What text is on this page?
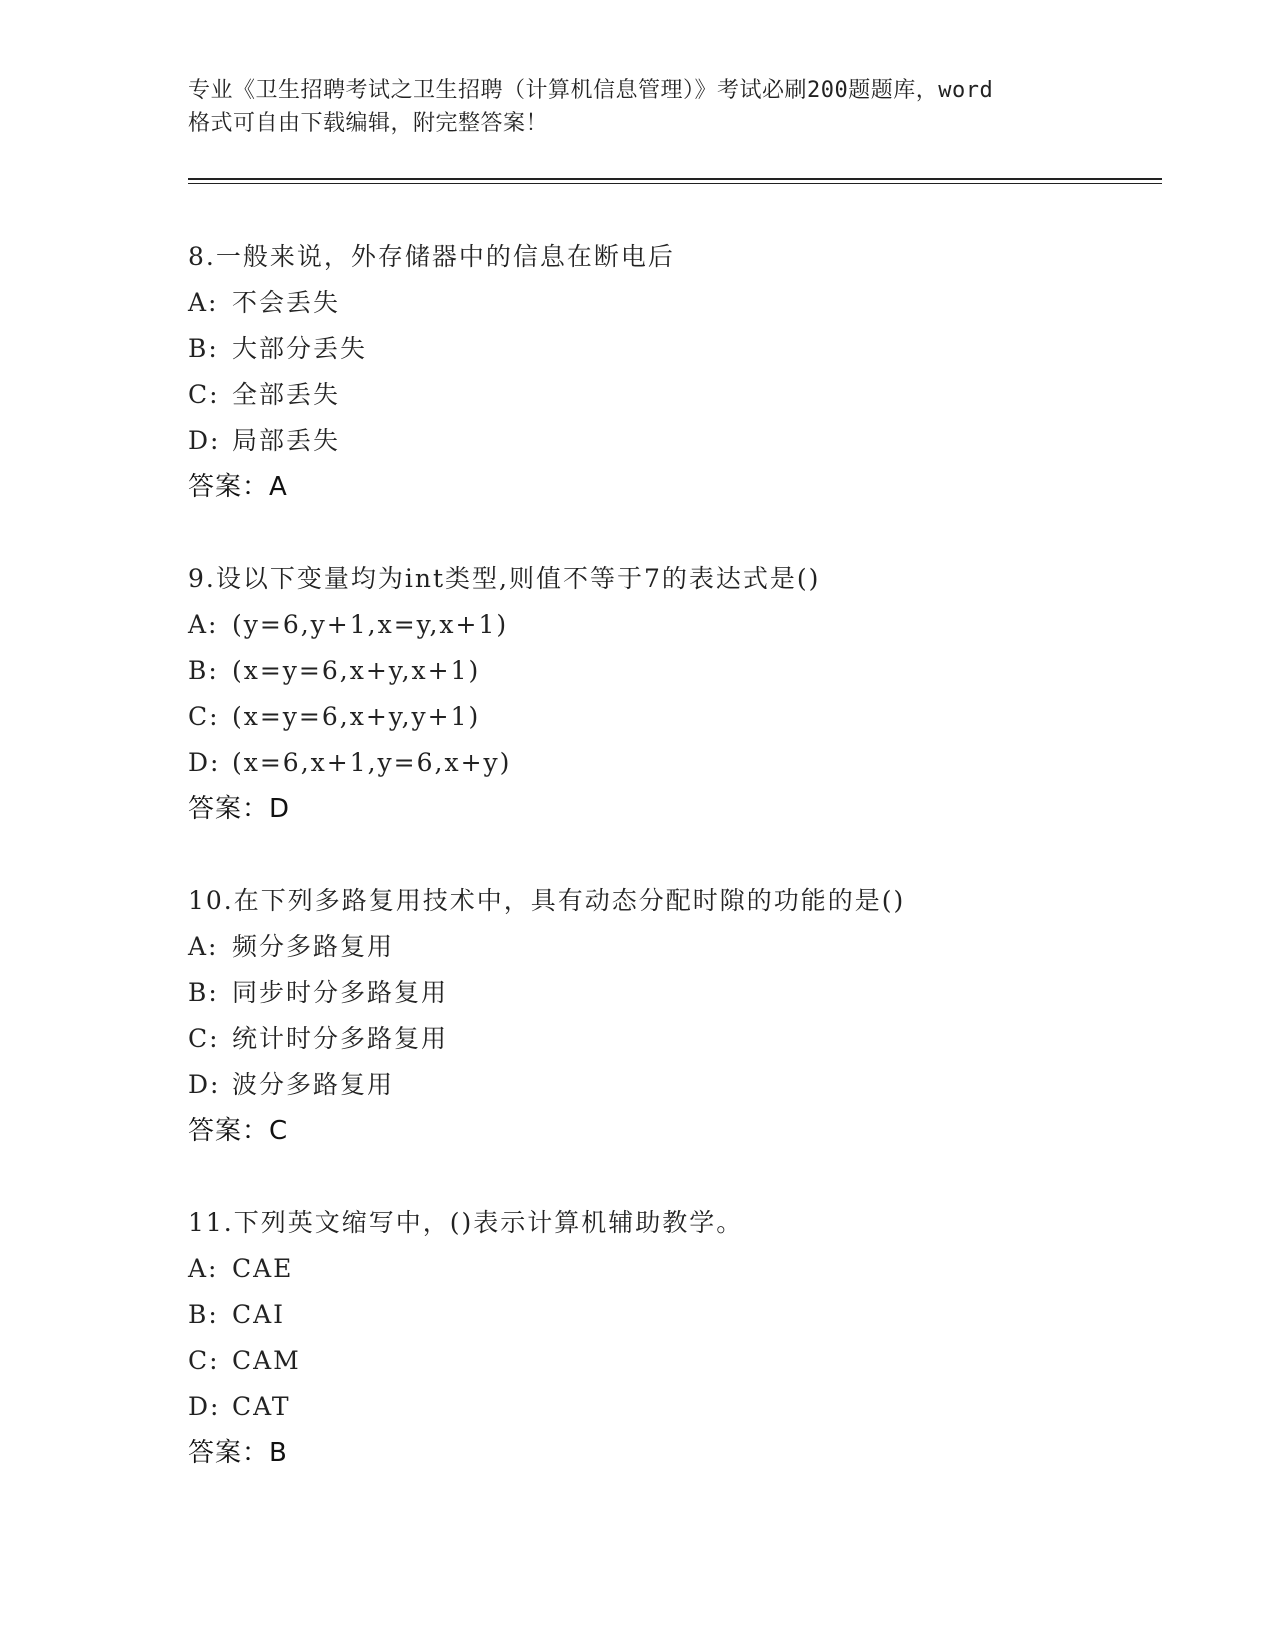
专业《卫生招聘考试之卫生招聘（计算机信息管理）》考试必刷200题题库，word
格式可自由下载编辑，附完整答案！
8.一般来说，外存储器中的信息在断电后
A: 不会丢失
B: 大部分丢失
C: 全部丢失
D: 局部丢失
答案：A
9.设以下变量均为int类型,则值不等于7的表达式是()
A: (y=6,y+1,x=y,x+1)
B: (x=y=6,x+y,x+1)
C: (x=y=6,x+y,y+1)
D: (x=6,x+1,y=6,x+y)
答案：D
10.在下列多路复用技术中，具有动态分配时隙的功能的是()
A: 频分多路复用
B: 同步时分多路复用
C: 统计时分多路复用
D: 波分多路复用
答案：C
11.下列英文缩写中，()表示计算机辅助教学。
A: CAE
B: CAI
C: CAM
D: CAT
答案：B
